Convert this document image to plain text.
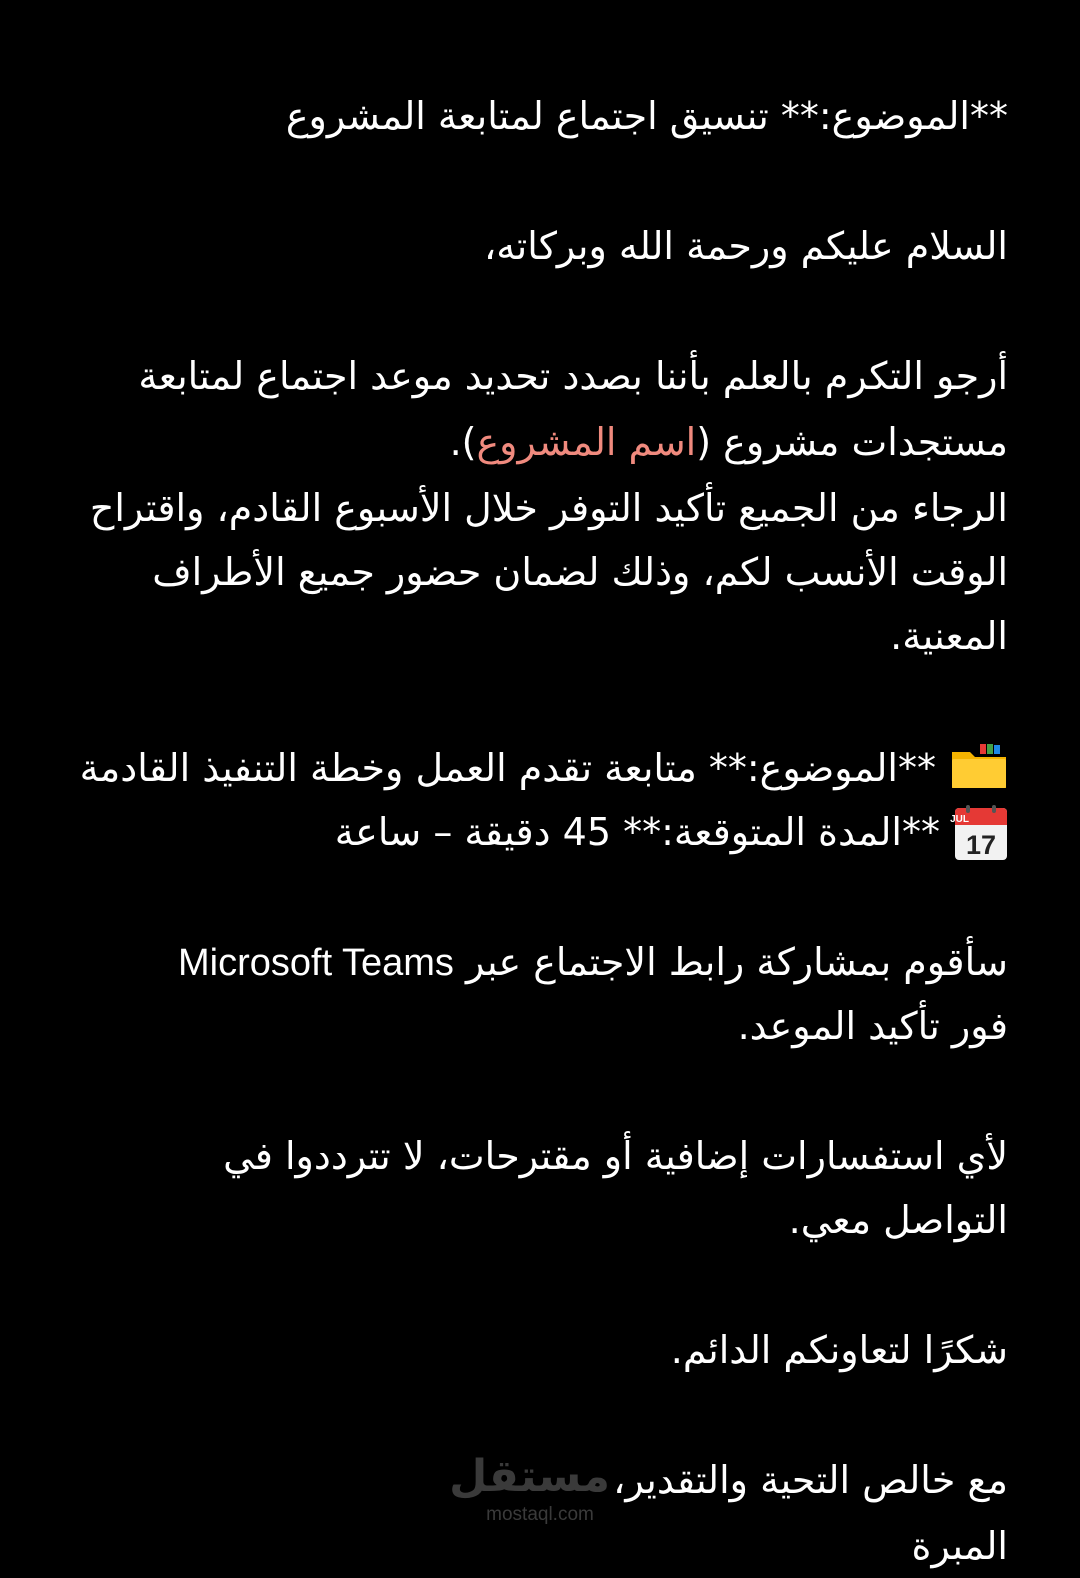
**الموضوع:** تنسيق اجتماع لمتابعة المشروع
السلام عليكم ورحمة الله وبركاته،
أرجو التكرم بالعلم بأننا بصدد تحديد موعد اجتماع لمتابعة
مستجدات مشروع (اسم المشروع).
الرجاء من الجميع تأكيد التوفر خلال الأسبوع القادم، واقتراح
الوقت الأنسب لكم، وذلك لضمان حضور جميع الأطراف
المعنية.
**الموضوع:** متابعة تقدم العمل وخطة التنفيذ القادمة
JUL
17
**المدة المتوقعة:** 45 دقيقة – ساعة
سأقوم بمشاركة رابط الاجتماع عبر Microsoft Teams
فور تأكيد الموعد.
لأي استفسارات إضافية أو مقترحات، لا تترددوا في
التواصل معي.
شكرًا لتعاونكم الدائم.
مع خالص التحية والتقدير،
المبرة
مستقل
mostaql.com
